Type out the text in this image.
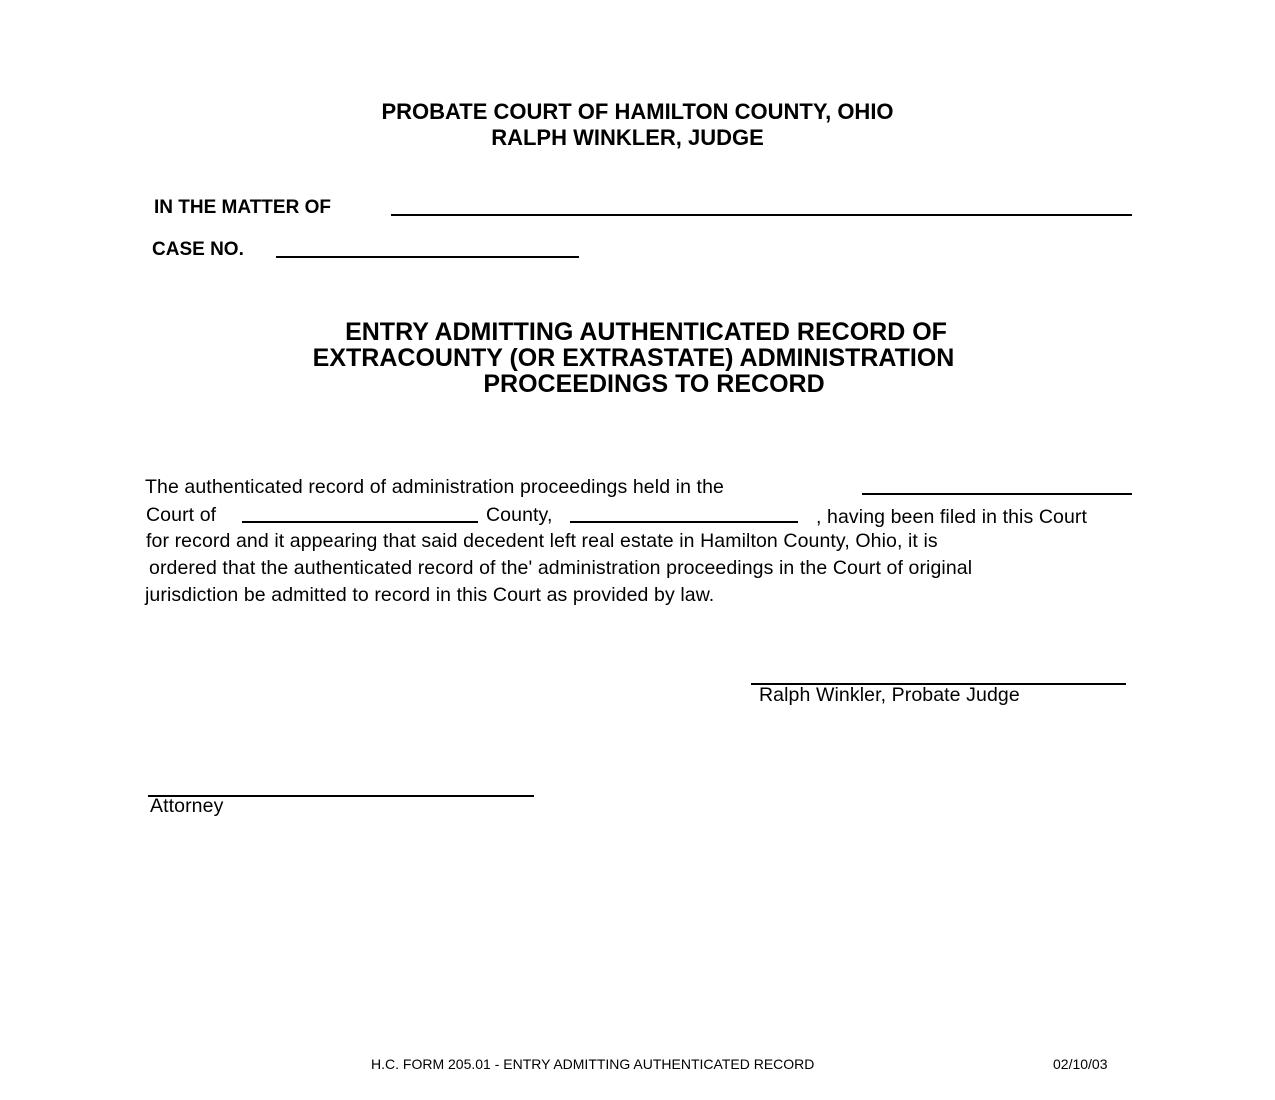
PROBATE COURT OF HAMILTON COUNTY, OHIO
RALPH WINKLER, JUDGE
IN THE MATTER OF
CASE NO.
ENTRY ADMITTING AUTHENTICATED RECORD OF
EXTRACOUNTY (OR EXTRASTATE) ADMINISTRATION
PROCEEDINGS TO RECORD
The authenticated record of administration proceedings held in the
Court of	County,	, having been filed in this Court
for record and it appearing that said decedent left real estate in Hamilton County, Ohio, it is
ordered that the authenticated record of the' administration proceedings in the Court of original
jurisdiction be admitted to record in this Court as provided by law.
Ralph Winkler, Probate Judge
Attorney
H.C. FORM 205.01 - ENTRY ADMITTING AUTHENTICATED RECORD	02/10/03
